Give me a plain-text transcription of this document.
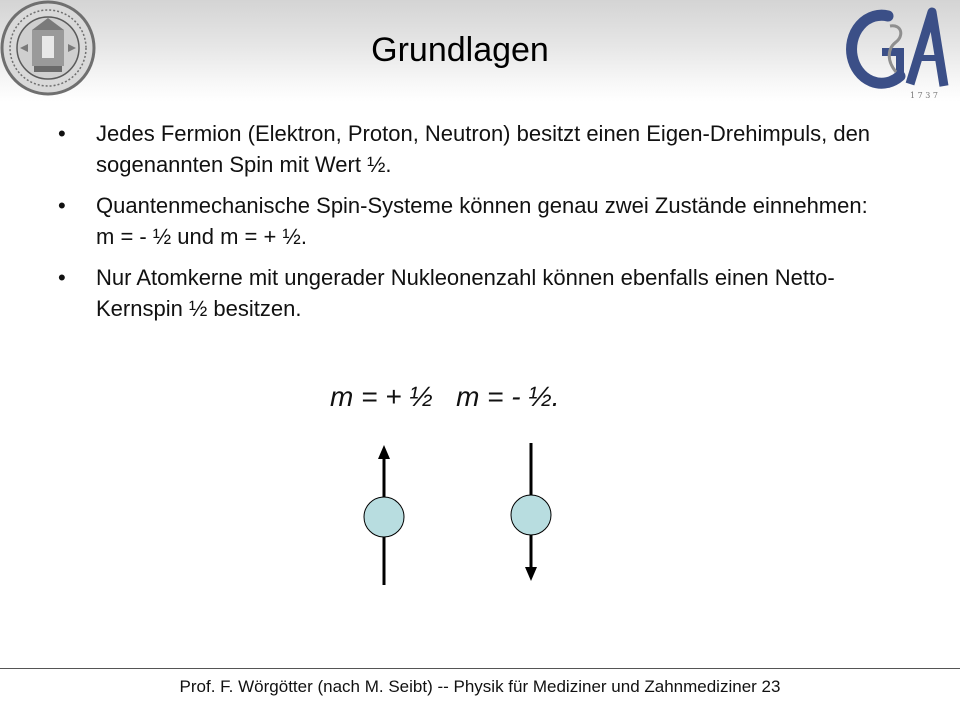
1 7 3 7
G A
Grundlagen
• Jedes Fermion (Elektron, Proton, Neutron) besitzt einen Eigen-Drehimpuls, den sogenannten Spin mit Wert ½.
• Quantenmechanische Spin-Systeme können genau zwei Zustände einnehmen: m = - ½ und m = + ½.
• Nur Atomkerne mit ungerader Nukleonenzahl können ebenfalls einen Netto-Kernspin ½ besitzen.
m = + ½ m = - ½.
Prof. F. Wörgötter (nach M. Seibt) -- Physik für Mediziner und Zahnmediziner 23
